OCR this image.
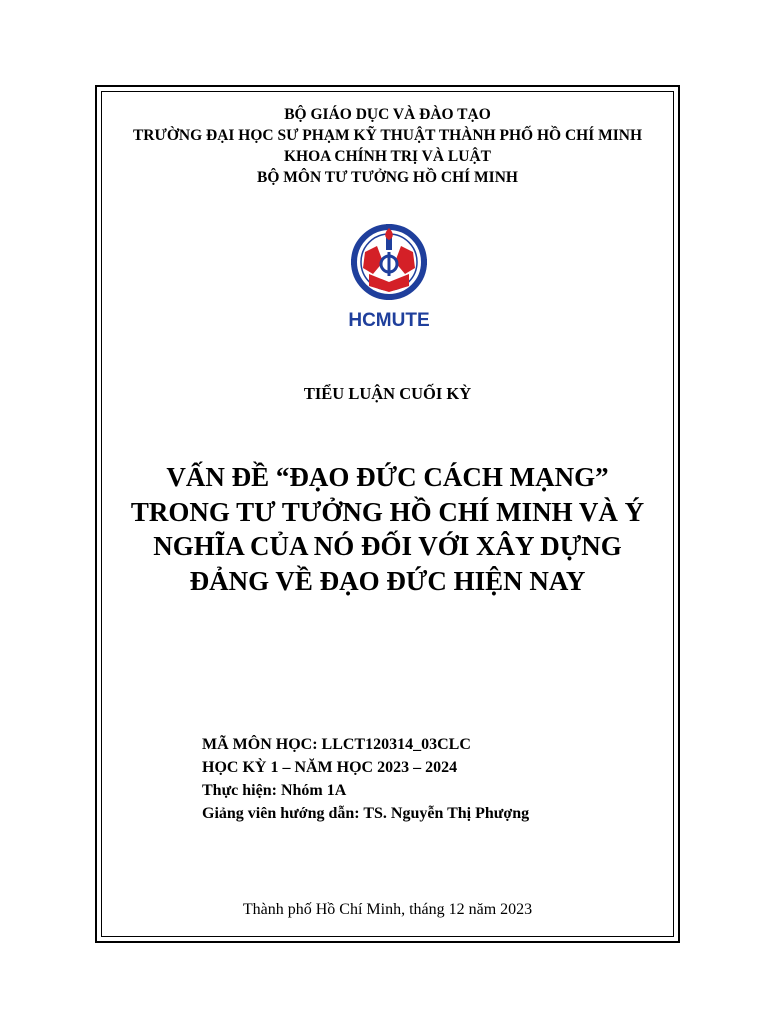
BỘ GIÁO DỤC VÀ ĐÀO TẠO
TRƯỜNG ĐẠI HỌC SƯ PHẠM KỸ THUẬT THÀNH PHỐ HỒ CHÍ MINH
KHOA CHÍNH TRỊ VÀ LUẬT
BỘ MÔN TƯ TƯỞNG HỒ CHÍ MINH
HCMUTE
TIỂU LUẬN CUỐI KỲ
VẤN ĐỀ “ĐẠO ĐỨC CÁCH MẠNG”
TRONG TƯ TƯỞNG HỒ CHÍ MINH VÀ Ý
NGHĨA CỦA NÓ ĐỐI VỚI XÂY DỰNG
ĐẢNG VỀ ĐẠO ĐỨC HIỆN NAY
MÃ MÔN HỌC: LLCT120314_03CLC
HỌC KỲ 1 – NĂM HỌC 2023 – 2024
Thực hiện: Nhóm 1A
Giảng viên hướng dẫn: TS. Nguyễn Thị Phượng
Thành phố Hồ Chí Minh, tháng 12 năm 2023
